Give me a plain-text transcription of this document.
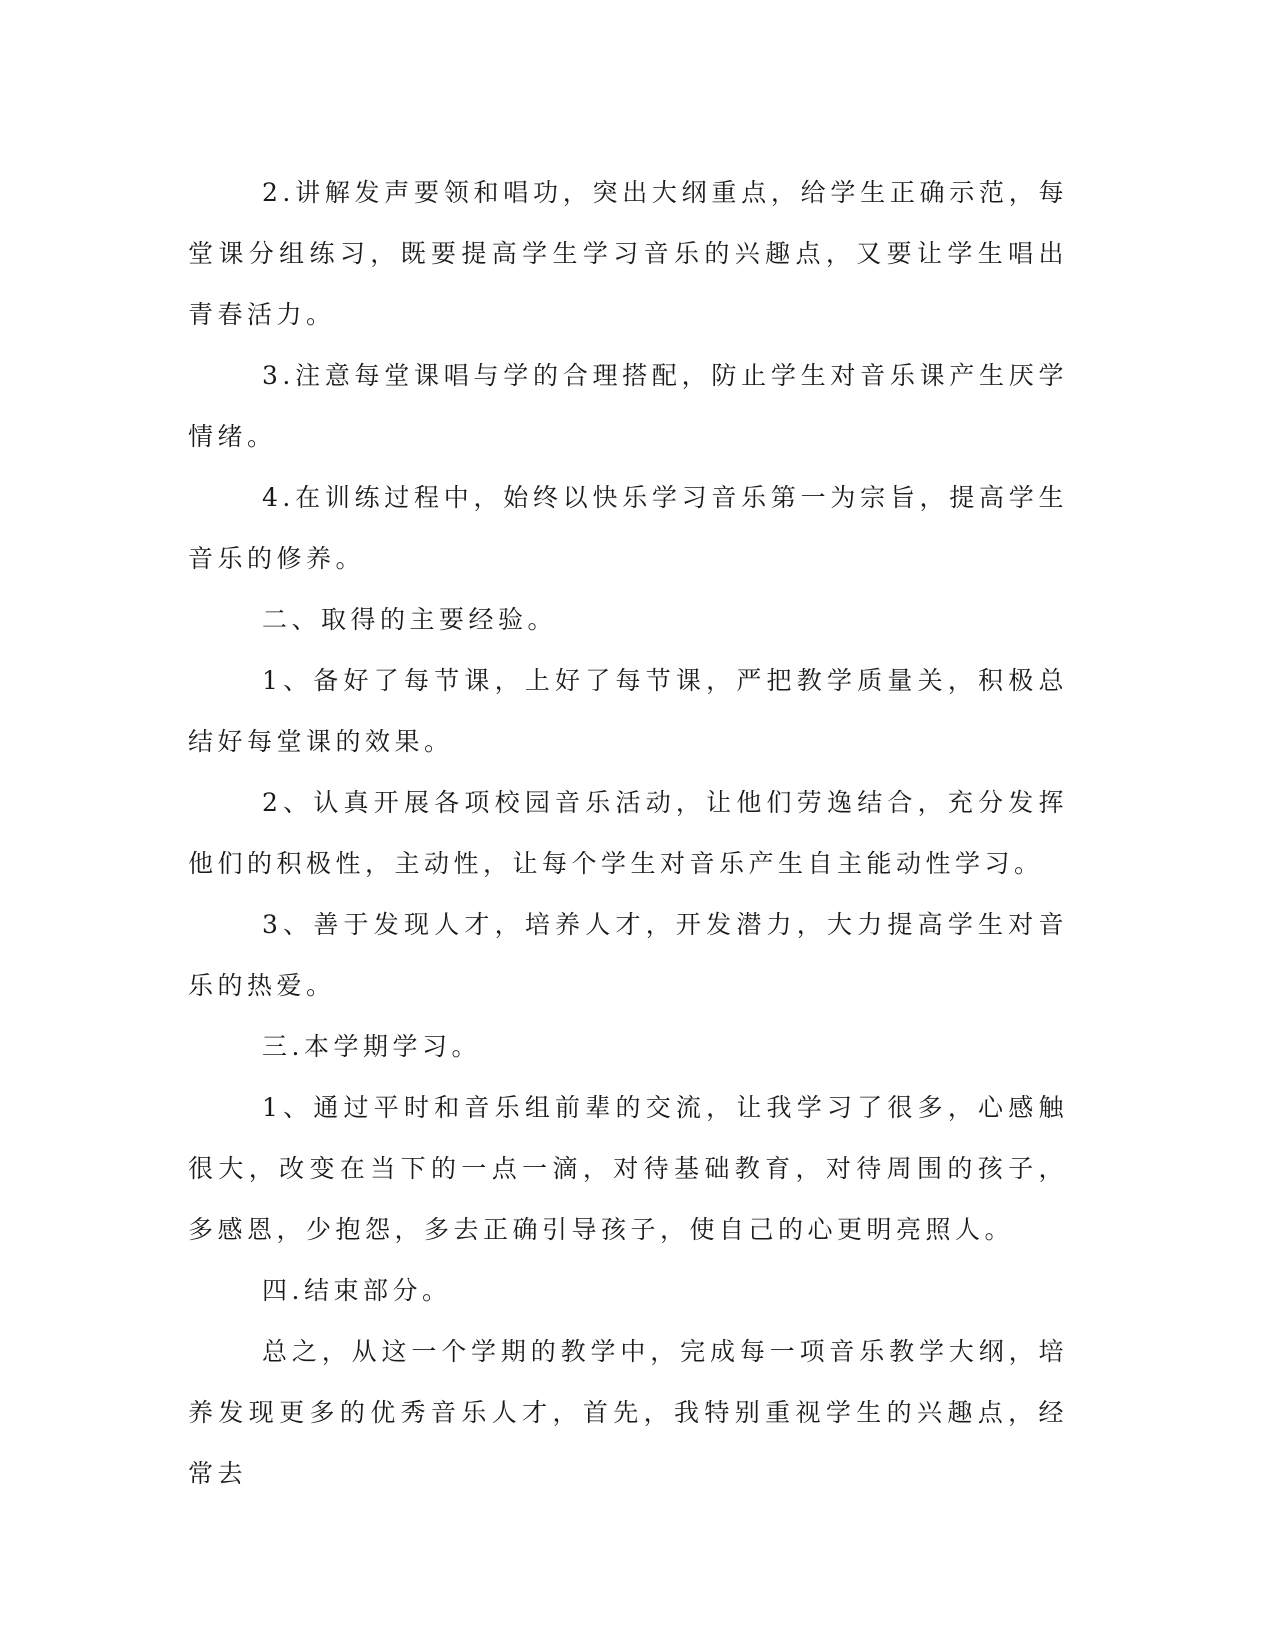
2.讲解发声要领和唱功，突出大纲重点，给学生正确示范，每堂课分组练习，既要提高学生学习音乐的兴趣点，又要让学生唱出青春活力。

3.注意每堂课唱与学的合理搭配，防止学生对音乐课产生厌学情绪。

4.在训练过程中，始终以快乐学习音乐第一为宗旨，提高学生音乐的修养。

二、取得的主要经验。

1、备好了每节课，上好了每节课，严把教学质量关，积极总结好每堂课的效果。

2、认真开展各项校园音乐活动，让他们劳逸结合，充分发挥他们的积极性，主动性，让每个学生对音乐产生自主能动性学习。

3、善于发现人才，培养人才，开发潜力，大力提高学生对音乐的热爱。

三.本学期学习。

1、通过平时和音乐组前辈的交流，让我学习了很多，心感触很大，改变在当下的一点一滴，对待基础教育，对待周围的孩子，多感恩，少抱怨，多去正确引导孩子，使自己的心更明亮照人。

四.结束部分。

总之，从这一个学期的教学中，完成每一项音乐教学大纲，培养发现更多的优秀音乐人才，首先，我特别重视学生的兴趣点，经常去
